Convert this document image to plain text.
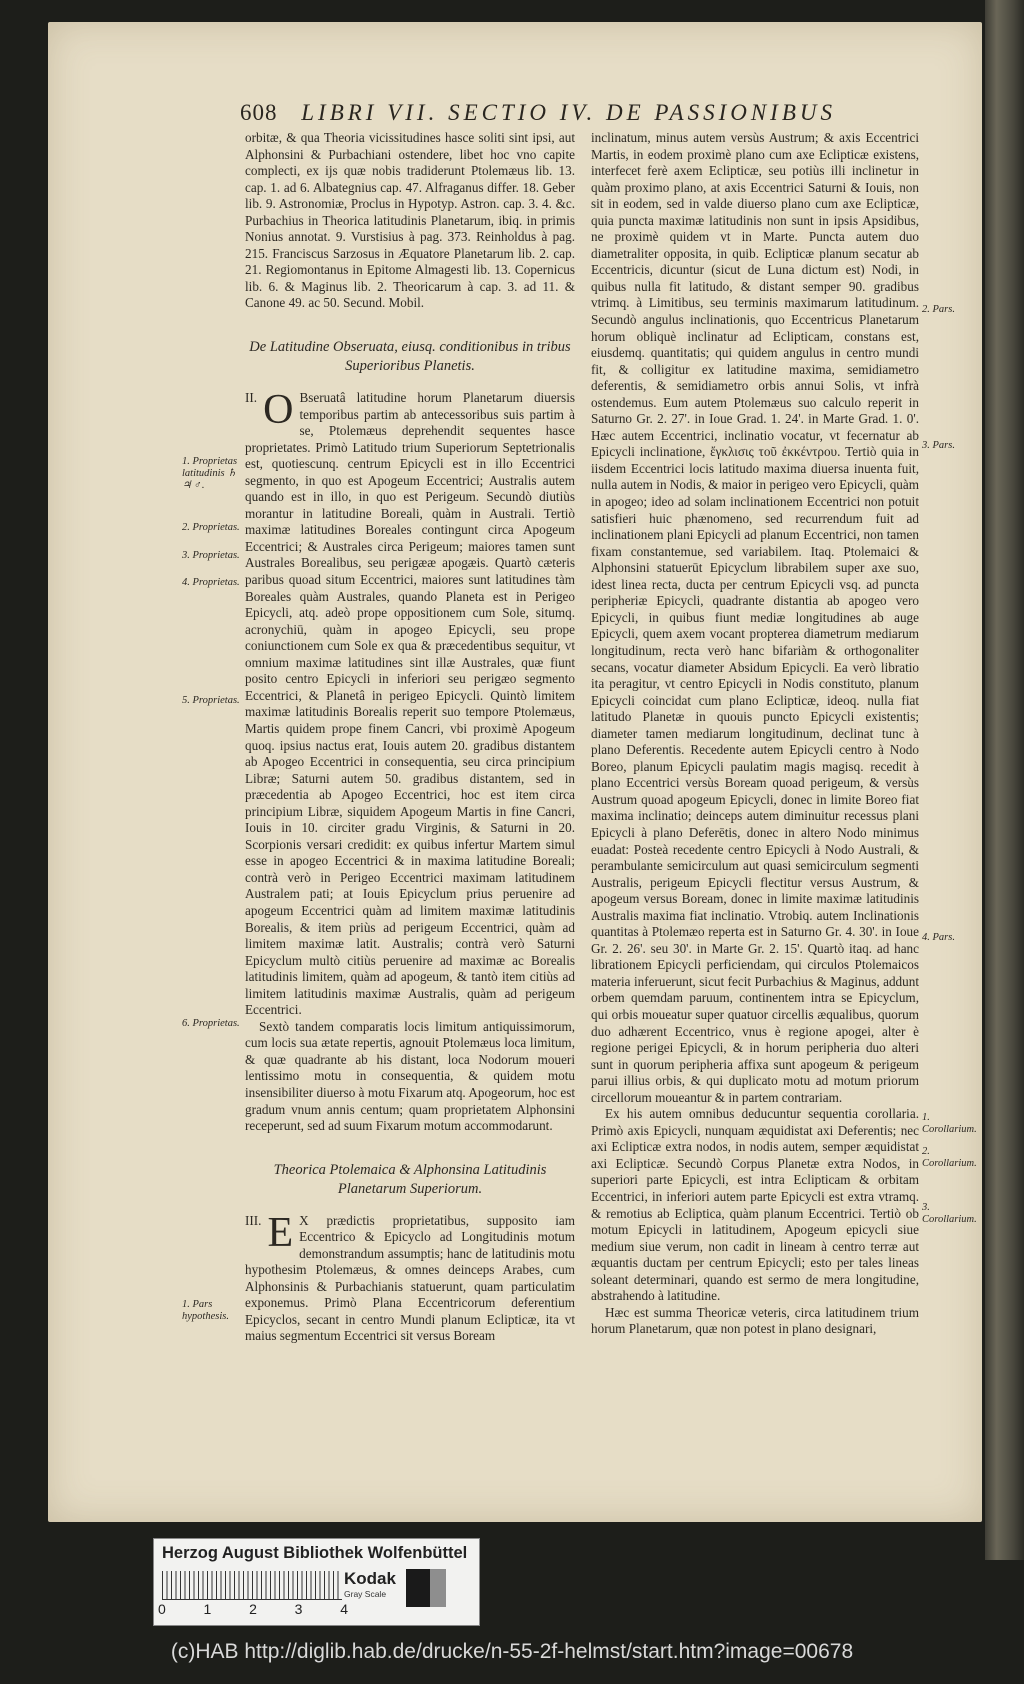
608 LIBRI VII. SECTIO IV. DE PASSIONIBUS

orbitæ, & qua Theoria vicissitudines hasce soliti sint ipsi, aut Alphonsini & Purbachiani ostendere, libet hoc vno capite complecti, ex ijs quæ nobis tradiderunt Ptolemæus lib. 13. cap. 1. ad 6. Albategnius cap. 47. Alfraganus differ. 18. Geber lib. 9. Astronomiæ, Proclus in Hypotyp. Astron. cap. 3. 4. &c. Purbachius in Theorica latitudinis Planetarum, ibiq. in primis Nonius annotat. 9. Vurstisius à pag. 373. Reinholdus à pag. 215. Franciscus Sarzosus in Æquatore Planetarum lib. 2. cap. 21. Regiomontanus in Epitome Almagesti lib. 13. Copernicus lib. 6. & Maginus lib. 2. Theoricarum à cap. 3. ad 11. & Canone 49. ac 50. Secund. Mobil.

De Latitudine Obseruata, eiusq. conditionibus in tribus Superioribus Planetis.

II. O Bseruatâ latitudine horum Planetarum diuersis temporibus partim ab antecessoribus suis partim à se, Ptolemæus deprehendit sequentes hasce proprietates. Primò Latitudo trium Superiorum Septetrionalis est, quotiescunq. centrum Epicycli est in illo Eccentrici segmento, in quo est Apogeum Eccentrici; Australis autem quando est in illo, in quo est Perigeum. Secundò diutiùs morantur in latitudine Boreali, quàm in Australi. Tertiò maximæ latitudines Boreales contingunt circa Apogeum Eccentrici; & Australes circa Perigeum; maiores tamen sunt Australes Borealibus, seu perigææ apogæis. Quartò cæteris paribus quoad situm Eccentrici, maiores sunt latitudines tàm Boreales quàm Australes, quando Planeta est in Perigeo Epicycli, atq. adeò prope oppositionem cum Sole, situmq. acronychiū, quàm in apogeo Epicycli, seu prope coniunctionem cum Sole ex qua & præcedentibus sequitur, vt omnium maximæ latitudines sint illæ Australes, quæ fiunt posito centro Epicycli in inferiori seu perigæo segmento Eccentrici, & Planetâ in perigeo Epicycli. Quintò limitem maximæ latitudinis Borealis reperit suo tempore Ptolemæus, Martis quidem prope finem Cancri, vbi proximè Apogeum quoq. ipsius nactus erat, Iouis autem 20. gradibus distantem ab Apogeo Eccentrici in consequentia, seu circa principium Libræ; Saturni autem 50. gradibus distantem, sed in præcedentia ab Apogeo Eccentrici, hoc est item circa principium Libræ, siquidem Apogeum Martis in fine Cancri, Iouis in 10. circiter gradu Virginis, & Saturni in 20. Scorpionis versari credidit: ex quibus infertur Martem simul esse in apogeo Eccentrici & in maxima latitudine Boreali; contrà verò in Perigeo Eccentrici maximam latitudinem Australem pati; at Iouis Epicyclum prius peruenire ad apogeum Eccentrici quàm ad limitem maximæ latitudinis Borealis, & item priùs ad perigeum Eccentrici, quàm ad limitem maximæ latit. Australis; contrà verò Saturni Epicyclum multò citiùs peruenire ad maximæ ac Borealis latitudinis limitem, quàm ad apogeum, & tantò item citiùs ad limitem latitudinis maximæ Australis, quàm ad perigeum Eccentrici.

Sextò tandem comparatis locis limitum antiquissimorum, cum locis sua ætate repertis, agnouit Ptolemæus loca limitum, & quæ quadrante ab his distant, loca Nodorum moueri lentissimo motu in consequentia, & quidem motu insensibiliter diuerso à motu Fixarum atq. Apogeorum, hoc est gradum vnum annis centum; quam proprietatem Alphonsini receperunt, sed ad suum Fixarum motum accommodarunt.

Theorica Ptolemaica & Alphonsina Latitudinis Planetarum Superiorum.

III. E X prædictis proprietatibus, supposito iam Eccentrico & Epicyclo ad Longitudinis motum demonstrandum assumptis; hanc de latitudinis motu hypothesim Ptolemæus, & omnes deinceps Arabes, cum Alphonsinis & Purbachianis statuerunt, quam particulatim exponemus. Primò Plana Eccentricorum deferentium Epicyclos, secant in centro Mundi planum Eclipticæ, ita vt maius segmentum Eccentrici sit versus Boream

1. Proprietas latitudinis ♄ ♃ ♂.
2. Proprietas.
3. Proprietas.
4. Proprietas.
5. Proprietas.
6. Proprietas.
1. Pars hypothesis.

inclinatum, minus autem versùs Austrum; & axis Eccentrici Martis, in eodem proximè plano cum axe Eclipticæ existens, interfecet ferè axem Eclipticæ, seu potiùs illi inclinetur in quàm proximo plano, at axis Eccentrici Saturni & Iouis, non sit in eodem, sed in valde diuerso plano cum axe Eclipticæ, quia puncta maximæ latitudinis non sunt in ipsis Apsidibus, ne proximè quidem vt in Marte. Puncta autem duo diametraliter opposita, in quib. Eclipticæ planum secatur ab Eccentricis, dicuntur (sicut de Luna dictum est) Nodi, in quibus nulla fit latitudo, & distant semper 90. gradibus vtrimq. à Limitibus, seu terminis maximarum latitudinum. Secundò angulus inclinationis, quo Eccentricus Planetarum horum obliquè inclinatur ad Eclipticam, constans est, eiusdemq. quantitatis; qui quidem angulus in centro mundi fit, & colligitur ex latitudine maxima, semidiametro deferentis, & semidiametro orbis annui Solis, vt infrà ostendemus. Eum autem Ptolemæus suo calculo reperit in Saturno Gr. 2. 27'. in Ioue Grad. 1. 24'. in Marte Grad. 1. 0'. Hæc autem Eccentrici, inclinatio vocatur, vt fecernatur ab Epicycli inclinatione, ἔγκλισις τοῦ ἐκκέντρου. Tertiò quia in iisdem Eccentrici locis latitudo maxima diuersa inuenta fuit, nulla autem in Nodis, & maior in perigeo vero Epicycli, quàm in apogeo; ideo ad solam inclinationem Eccentrici non potuit satisfieri huic phænomeno, sed recurrendum fuit ad inclinationem plani Epicycli ad planum Eccentrici, non tamen fixam constantemue, sed variabilem. Itaq. Ptolemaici & Alphonsini statuerūt Epicyclum librabilem super axe suo, idest linea recta, ducta per centrum Epicycli vsq. ad puncta peripheriæ Epicycli, quadrante distantia ab apogeo vero Epicycli, in quibus fiunt mediæ longitudines ab auge Epicycli, quem axem vocant propterea diametrum mediarum longitudinum, recta verò hanc bifariàm & orthogonaliter secans, vocatur diameter Absidum Epicycli. Ea verò libratio ita peragitur, vt centro Epicycli in Nodis constituto, planum Epicycli coincidat cum plano Eclipticæ, ideoq. nulla fiat latitudo Planetæ in quouis puncto Epicycli existentis; diameter tamen mediarum longitudinum, declinat tunc à plano Deferentis. Recedente autem Epicycli centro à Nodo Boreo, planum Epicycli paulatim magis magisq. recedit à plano Eccentrici versùs Boream quoad perigeum, & versùs Austrum quoad apogeum Epicycli, donec in limite Boreo fiat maxima inclinatio; deinceps autem diminuitur recessus plani Epicycli à plano Deferētis, donec in altero Nodo minimus euadat: Posteà recedente centro Epicycli à Nodo Australi, & perambulante semicirculum aut quasi semicirculum segmenti Australis, perigeum Epicycli flectitur versus Austrum, & apogeum versus Boream, donec in limite maximæ latitudinis Australis maxima fiat inclinatio. Vtrobiq. autem Inclinationis quantitas à Ptolemæo reperta est in Saturno Gr. 4. 30'. in Ioue Gr. 2. 26'. seu 30'. in Marte Gr. 2. 15'. Quartò itaq. ad hanc librationem Epicycli perficiendam, qui circulos Ptolemaicos materia inferuerunt, sicut fecit Purbachius & Maginus, addunt orbem quemdam paruum, continentem intra se Epicyclum, qui orbis moueatur super quatuor circellis æqualibus, quorum duo adhærent Eccentrico, vnus è regione apogei, alter è regione perigei Epicycli, & in horum peripheria duo alteri sunt in quorum peripheria affixa sunt apogeum & perigeum parui illius orbis, & qui duplicato motu ad motum priorum circellorum moueantur & in partem contrariam.

Ex his autem omnibus deducuntur sequentia corollaria. Primò axis Epicycli, nunquam æquidistat axi Deferentis; nec axi Eclipticæ extra nodos, in nodis autem, semper æquidistat axi Eclipticæ. Secundò Corpus Planetæ extra Nodos, in superiori parte Epicycli, est intra Eclipticam & orbitam Eccentrici, in inferiori autem parte Epicycli est extra vtramq. & remotius ab Ecliptica, quàm planum Eccentrici. Tertiò ob motum Epicycli in latitudinem, Apogeum epicycli siue medium siue verum, non cadit in lineam à centro terræ aut æquantis ductam per centrum Epicycli; esto per tales lineas soleant determinari, quando est sermo de mera longitudine, abstrahendo à latitudine.

Hæc est summa Theoricæ veteris, circa latitudinem trium horum Planetarum, quæ non potest in plano designari,

2. Pars.
3. Pars.
4. Pars.
1. Corollarium.
2. Corollarium.
3. Corollarium.
Herzog August Bibliothek Wolfenbüttel
0	1	2	3	4
Kodak
Gray Scale
(c)HAB http://diglib.hab.de/drucke/n-55-2f-helmst/start.htm?image=00678
